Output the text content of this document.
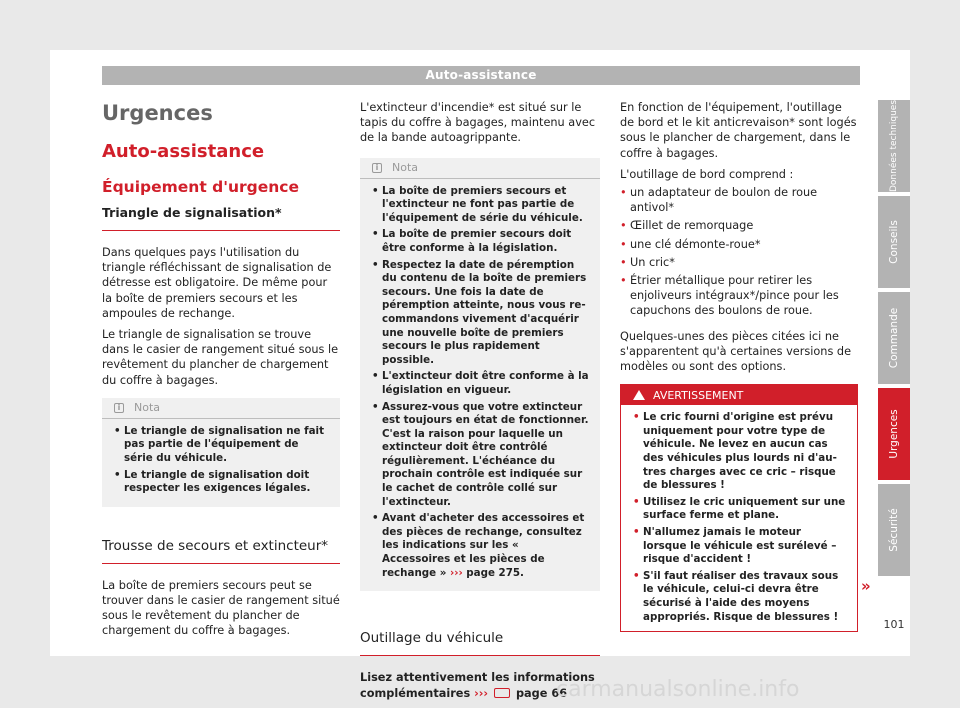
Auto-assistance
Urgences
Auto-assistance
Équipement d'urgence
Triangle de signalisation*

Dans quelques pays l'utilisation du triangle réfléchissant de signalisation de détresse est obligatoire. De même pour la boîte de premiers secours et les ampoules de rechange.

Le triangle de signalisation se trouve dans le casier de rangement situé sous le revêtement du plancher de chargement du coffre à bagages.

i	Nota
• Le triangle de signalisation ne fait pas partie de l'équipement de série du véhicule.
• Le triangle de signalisation doit respecter les exigences légales.
Trousse de secours et extincteur*

La boîte de premiers secours peut se trouver dans le casier de rangement situé sous le revêtement du plancher de chargement du coffre à bagages.

L'extincteur d'incendie* est situé sur le tapis du coffre à bagages, maintenu avec de la bande autoagrippante.

i	Nota
• La boîte de premiers secours et l'extincteur ne font pas partie de l'équipement de série du véhicule.
• La boîte de premier secours doit être conforme à la législation.
• Respectez la date de péremption du contenu de la boîte de premiers secours. Une fois la date de péremption atteinte, nous vous recommandons vivement d'acquérir une nouvelle boîte de premiers secours le plus rapidement possible.
• L'extincteur doit être conforme à la législation en vigueur.
• Assurez-vous que votre extincteur est toujours en état de fonctionner. C'est la raison pour laquelle un extincteur doit être contrôlé régulièrement. L'échéance du prochain contrôle est indiquée sur le cachet de contrôle collé sur l'extincteur.
• Avant d'acheter des accessoires et des pièces de rechange, consultez les indications sur les « Accessoires et les pièces de rechange » ››› page 275.
Outillage du véhicule
Lisez attentivement les informations complémentaires ››› page 66

En fonction de l'équipement, l'outillage de bord et le kit anticrevaison* sont logés sous le plancher de chargement, dans le coffre à bagages.

L'outillage de bord comprend :

• un adaptateur de boulon de roue antivol*
• Œillet de remorquage
• une clé démonte-roue*
• Un cric*
• Étrier métallique pour retirer les enjoliveurs intégraux*/pince pour les capuchons des boulons de roue.

Quelques-unes des pièces citées ici ne s'apparentent qu'à certaines versions de modèles ou sont des options.

AVERTISSEMENT
• Le cric fourni d'origine est prévu uniquement pour votre type de véhicule. Ne levez en aucun cas des véhicules plus lourds ni d'autres charges avec ce cric – risque de blessures !
• Utilisez le cric uniquement sur une surface ferme et plane.
• N'allumez jamais le moteur lorsque le véhicule est surélevé – risque d'accident !
• S'il faut réaliser des travaux sous le véhicule, celui-ci devra être sécurisé à l'aide des moyens appropriés. Risque de blessures !
»
Données techniques
Conseils
Commande
Urgences
Sécurité
101
carmanualsonline.info
